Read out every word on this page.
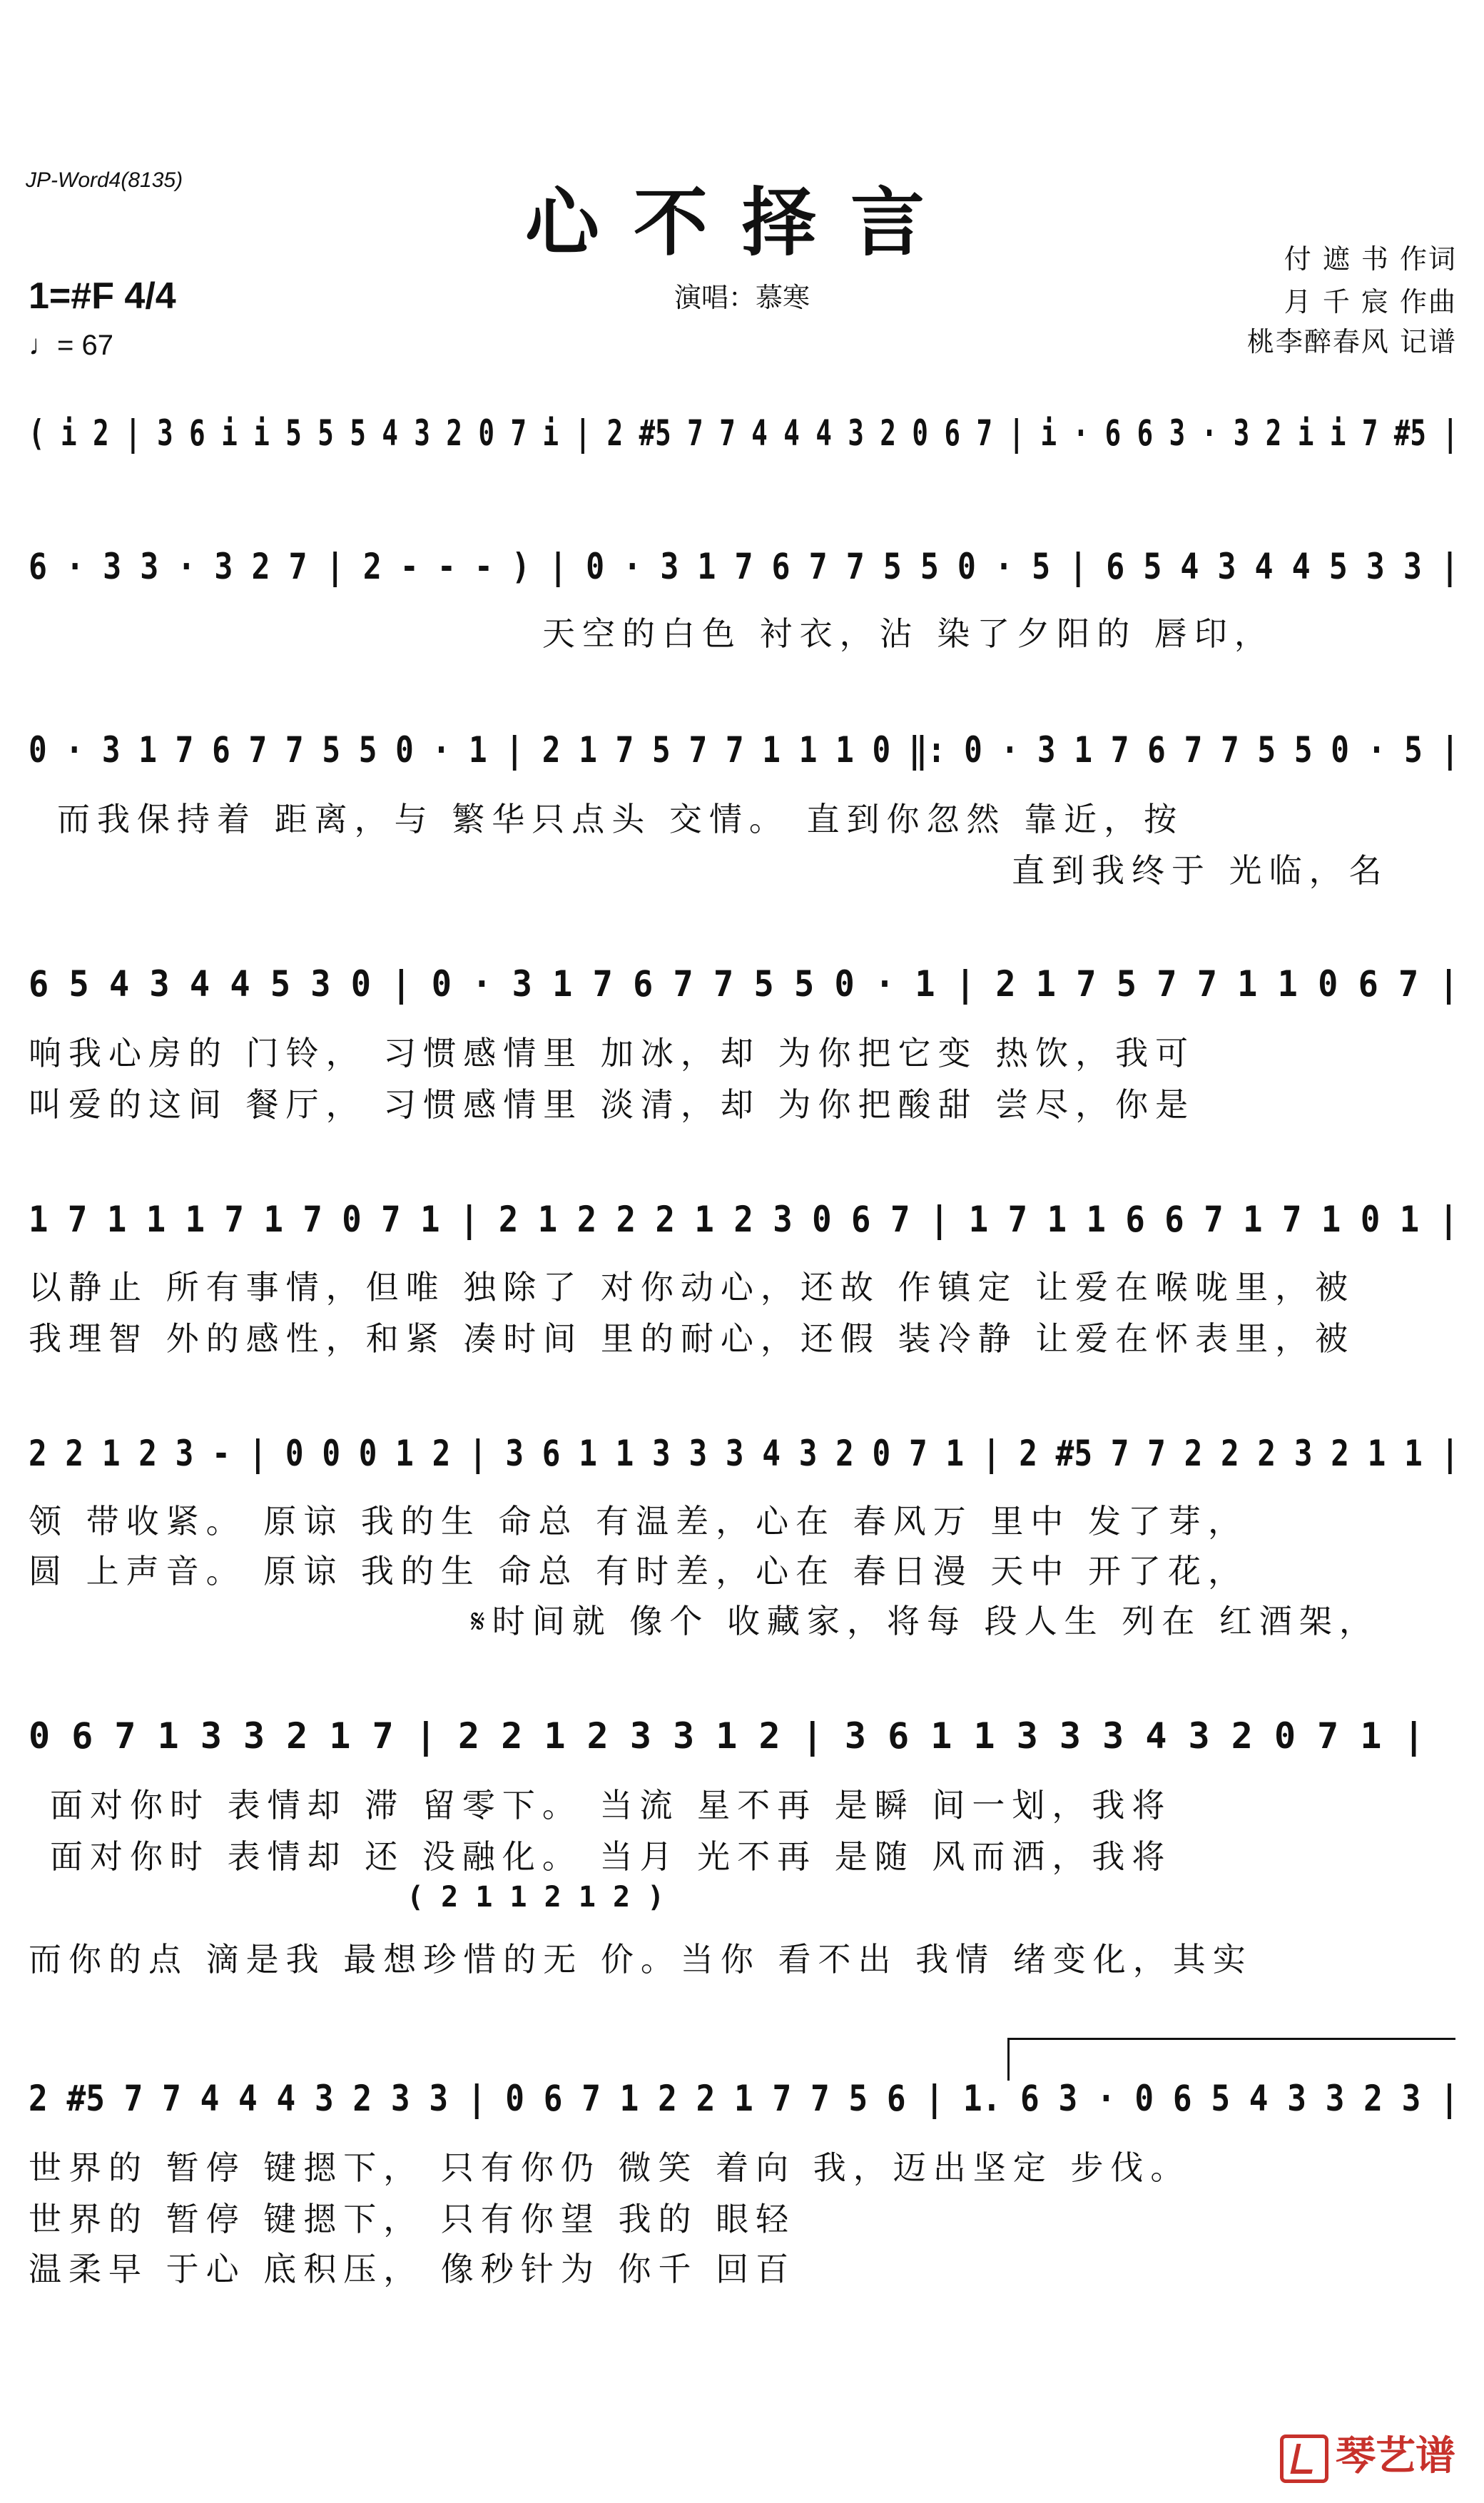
JP-Word4(8135)	心不择言
1=#F 4/4
♩= 67
演唱：慕寒
付 遮 书 作词
月 千 宸 作曲
桃李醉春风 记谱
( i 2 | 3 6 i i 5 5 5 4 3 2 0 7 i | 2 #5 7 7 4 4 4 3 2 0 6 7 | i · 6 6 3 · 3 2 i i 7 #5 |
6 · 3 3 · 3 2 7 | 2 - - - ) | 0 · 3 1 7 6 7 7 5 5 0 · 5 | 6 5 4 3 4 4 5 3 3 |
天空的白色 衬衣，沾 染了夕阳的 唇印，
0 · 3 1 7 6 7 7 5 5 0 · 1 | 2 1 7 5 7 7 1 1 1 0 ‖: 0 · 3 1 7 6 7 7 5 5 0 · 5 |
而我保持着 距离，与 繁华只点头 交情。 直到你忽然 靠近，按
直到我终于 光临，名
6 5 4 3 4 4 5 3 0 | 0 · 3 1 7 6 7 7 5 5 0 · 1 | 2 1 7 5 7 7 1 1 0 6 7 |
响我心房的 门铃， 习惯感情里 加冰，却 为你把它变 热饮，我可
叫爱的这间 餐厅， 习惯感情里 淡清，却 为你把酸甜 尝尽，你是
1 7 1 1 1 7 1 7 0 7 1 | 2 1 2 2 2 1 2 3 0 6 7 | 1 7 1 1 6 6 7 1 7 1 0 1 |
以静止 所有事情，但唯 独除了 对你动心，还故 作镇定 让爱在喉咙里，被
我理智 外的感性，和紧 凑时间 里的耐心，还假 装冷静 让爱在怀表里，被
2 2 1 2 3 - | 0 0 0 1 2 | 3 6 1 1 3 3 3 4 3 2 0 7 1 | 2 #5 7 7 2 2 2 3 2 1 1 |
领 带收紧。 原谅 我的生 命总 有温差，心在 春风万 里中 发了芽，
圆 上声音。 原谅 我的生 命总 有时差，心在 春日漫 天中 开了花，
𝄋时间就 像个 收藏家，将每 段人生 列在 红酒架，
0 6 7 1 3 3 2 1 7 | 2 2 1 2 3 3 1 2 | 3 6 1 1 3 3 3 4 3 2 0 7 1 |
面对你时 表情却 滞 留零下。 当流 星不再 是瞬 间一划，我将
面对你时 表情却 还 没融化。 当月 光不再 是随 风而洒，我将
( 2 1 1 2 1 2 )
而你的点 滴是我 最想珍惜的无 价。当你 看不出 我情 绪变化，其实
2 #5 7 7 4 4 4 3 2 3 3 | 0 6 7 1 2 2 1 7 7 5 6 | 1. 6 3 · 0 6 5 4 3 3 2 3 |
世界的 暂停 键摁下， 只有你仍 微笑 着向 我，迈出坚定 步伐。
世界的 暂停 键摁下， 只有你望 我的 眼轻
温柔早 于心 底积压， 像秒针为 你千 回百
琴艺谱
